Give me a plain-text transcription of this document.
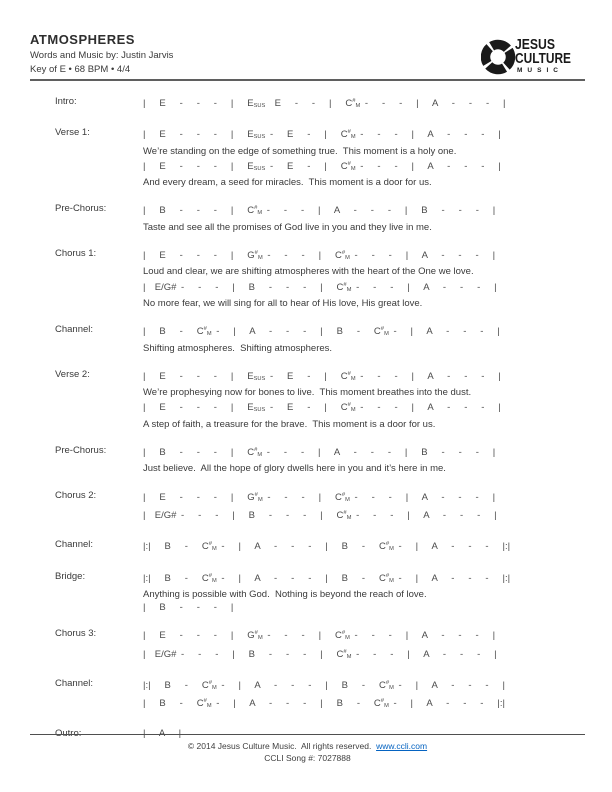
ATMOSPHERES
Words and Music by: Justin Jarvis
Key of E • 68 BPM • 4/4
JESUS
CULTURE
MUSIC
Intro:	|   E   -   -   -   |   $E_{SUS}$  E   -   -   |   $C^{\#}_M$ -   -   -   |   A   -   -   -   |
Verse 1:	|   E   -   -   -   |   $E_{SUS}$ -   E   -   |   $C^{\#}_M$ -   -   -   |   A   -   -   -   |
We’re standing on the edge of something true.  This moment is a holy one.
|   E   -   -   -   |   $E_{SUS}$ -   E   -   |   $C^{\#}_M$ -   -   -   |   A   -   -   -   |
And every dream, a seed for miracles.  This moment is a door for us.
Pre-Chorus:	|   B   -   -   -   |   $C^{\#}_M$ -   -   -   |   A   -   -   -   |   B   -   -   -   |
Taste and see all the promises of God live in you and they live in me.
Chorus 1:	|   E   -   -   -   |   $G^{\#}_M$ -   -   -   |   $C^{\#}_M$ -   -   -   |   A   -   -   -   |
Loud and clear, we are shifting atmospheres with the heart of the One we love.
|  E/G# -   -   -   |   B   -   -   -   |   $C^{\#}_M$ -   -   -   |   A   -   -   -   |
No more fear, we will sing for all to hear of His love, His great love.
Channel:	|   B   -   $C^{\#}_M$ -   |   A   -   -   -   |   B   -   $C^{\#}_M$ -   |   A   -   -   -   |
Shifting atmospheres.  Shifting atmospheres.
Verse 2:	|   E   -   -   -   |   $E_{SUS}$ -   E   -   |   $C^{\#}_M$ -   -   -   |   A   -   -   -   |
We’re prophesying now for bones to live.  This moment breathes into the dust.
|   E   -   -   -   |   $E_{SUS}$ -   E   -   |   $C^{\#}_M$ -   -   -   |   A   -   -   -   |
A step of faith, a treasure for the brave.  This moment is a door for us.
Pre-Chorus:	|   B   -   -   -   |   $C^{\#}_M$ -   -   -   |   A   -   -   -   |   B   -   -   -   |
Just believe.  All the hope of glory dwells here in you and it’s here in me.
Chorus 2:	|   E   -   -   -   |   $G^{\#}_M$ -   -   -   |   $C^{\#}_M$ -   -   -   |   A   -   -   -   |
|  E/G# -   -   -   |   B   -   -   -   |   $C^{\#}_M$ -   -   -   |   A   -   -   -   |
Channel:	|:|   B   -   $C^{\#}_M$ -   |   A   -   -   -   |   B   -   $C^{\#}_M$ -   |   A   -   -   -   |:|
Bridge:	|:|   B   -   $C^{\#}_M$ -   |   A   -   -   -   |   B   -   $C^{\#}_M$ -   |   A   -   -   -   |:|
Anything is possible with God.  Nothing is beyond the reach of love.
|   B   -   -   -   |
Chorus 3:	|   E   -   -   -   |   $G^{\#}_M$ -   -   -   |   $C^{\#}_M$ -   -   -   |   A   -   -   -   |
|  E/G# -   -   -   |   B   -   -   -   |   $C^{\#}_M$ -   -   -   |   A   -   -   -   |
Channel:	|:|   B   -   $C^{\#}_M$ -   |   A   -   -   -   |   B   -   $C^{\#}_M$ -   |   A   -   -   -   |
|   B   -   $C^{\#}_M$ -   |   A   -   -   -   |   B   -   $C^{\#}_M$ -   |   A   -   -   -   |:|
Outro:	|   A   |
© 2014 Jesus Culture Music.  All rights reserved.  www.ccli.com
CCLI Song #: 7027888
